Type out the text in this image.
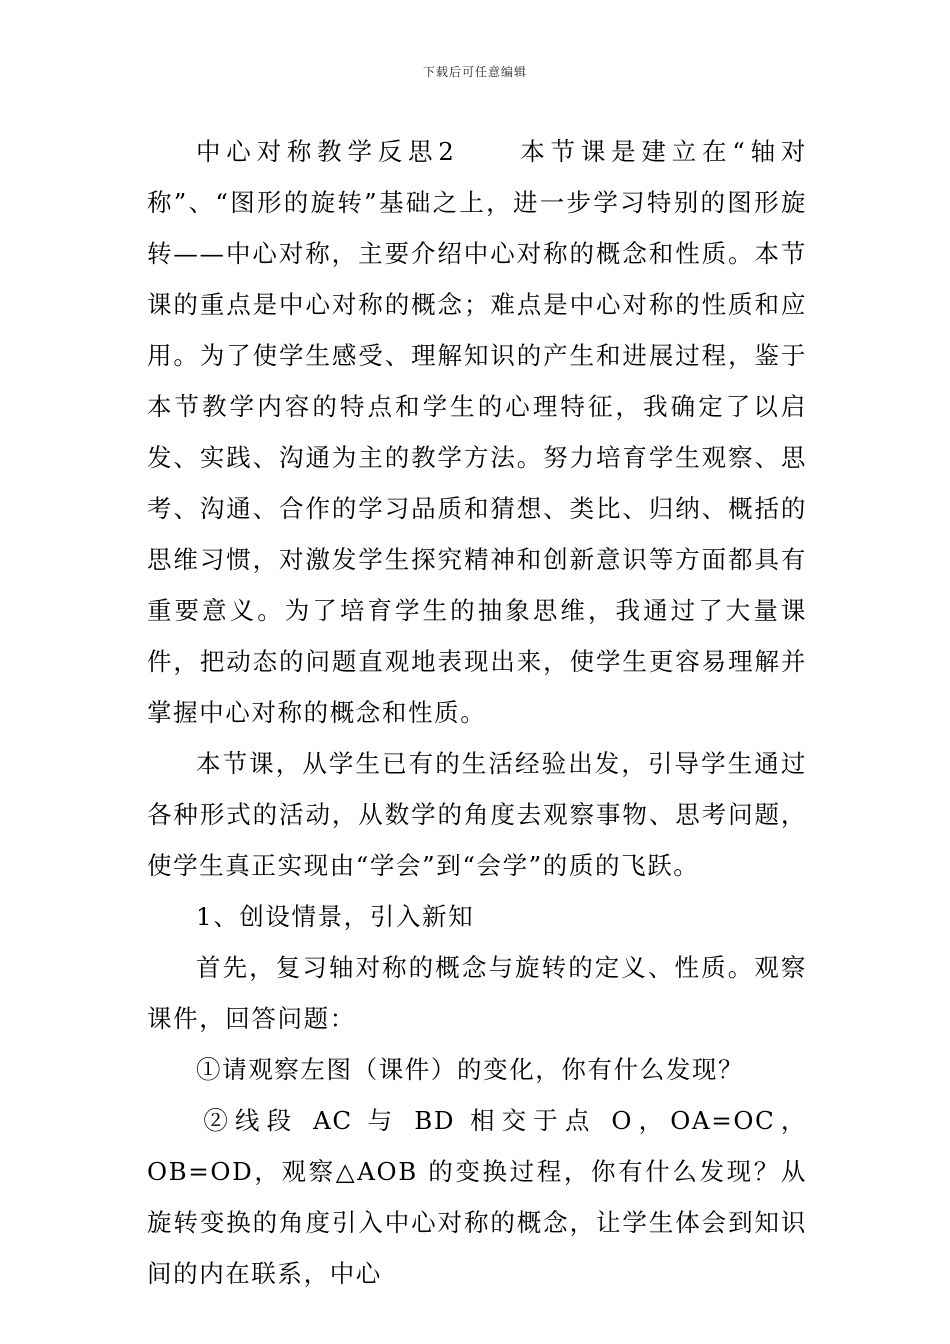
下载后可任意编辑

中心对称教学反思2　　本节课是建立在“轴对称”、“图形的旋转”基础之上，进一步学习特别的图形旋转——中心对称，主要介绍中心对称的概念和性质。本节课的重点是中心对称的概念；难点是中心对称的性质和应用。为了使学生感受、理解知识的产生和进展过程，鉴于本节教学内容的特点和学生的心理特征，我确定了以启发、实践、沟通为主的教学方法。努力培育学生观察、思考、沟通、合作的学习品质和猜想、类比、归纳、概括的思维习惯，对激发学生探究精神和创新意识等方面都具有重要意义。为了培育学生的抽象思维，我通过了大量课件，把动态的问题直观地表现出来，使学生更容易理解并掌握中心对称的概念和性质。

本节课，从学生已有的生活经验出发，引导学生通过各种形式的活动，从数学的角度去观察事物、思考问题，使学生真正实现由“学会”到“会学”的质的飞跃。

1、创设情景，引入新知

首先，复习轴对称的概念与旋转的定义、性质。观察课件，回答问题：

①请观察左图（课件）的变化，你有什么发现？

②线段 AC 与 BD 相交于点 O，OA=OC，OB=OD，观察△AOB 的变换过程，你有什么发现？从旋转变换的角度引入中心对称的概念，让学生体会到知识间的内在联系，中心
